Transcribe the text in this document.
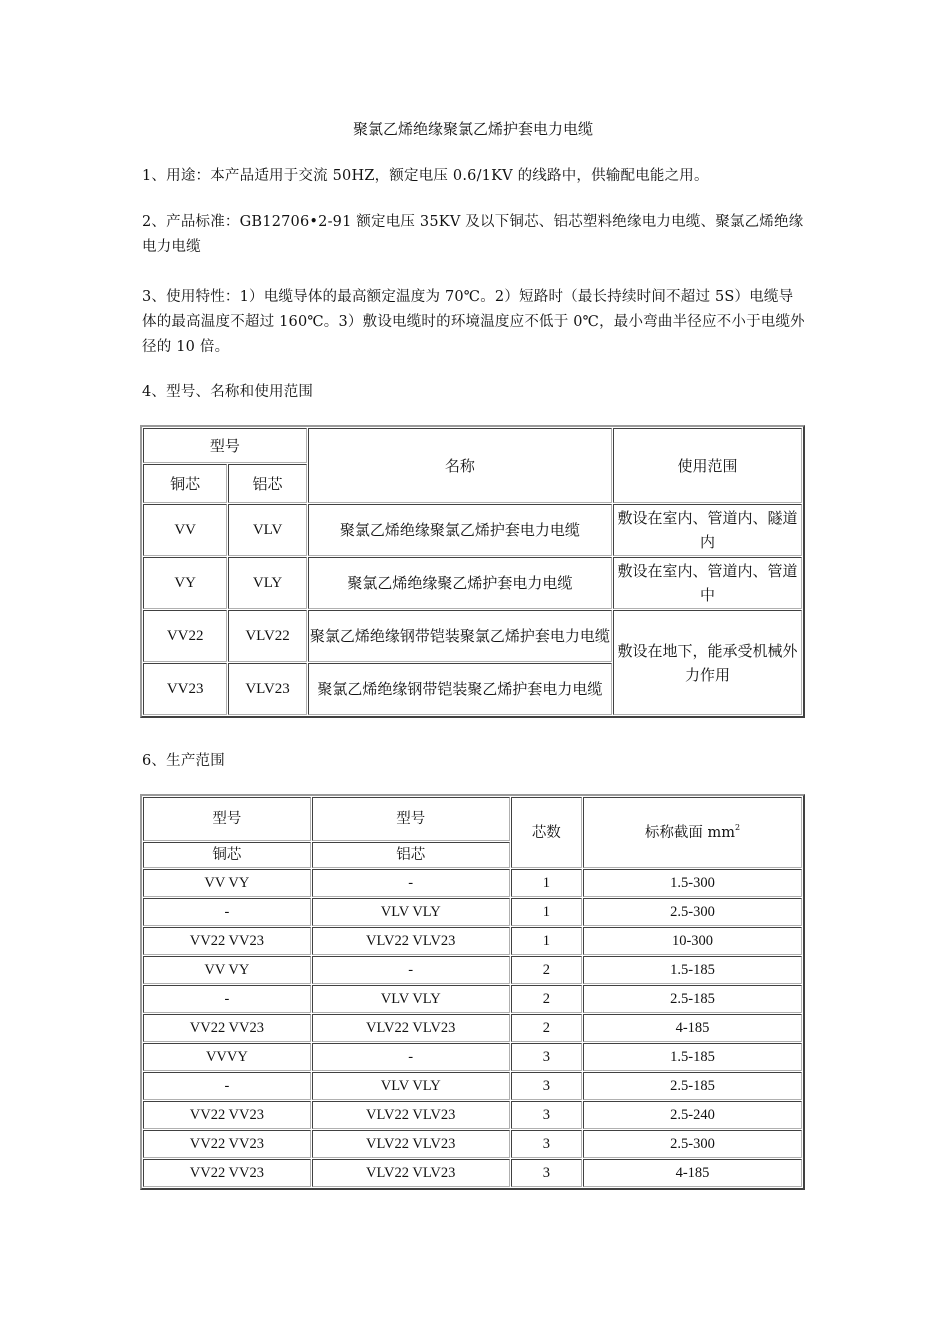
聚氯乙烯绝缘聚氯乙烯护套电力电缆
1、用途：本产品适用于交流 50HZ，额定电压 0.6/1KV 的线路中，供输配电能之用。
2、产品标准：GB12706•2-91 额定电压 35KV 及以下铜芯、铝芯塑料绝缘电力电缆、聚氯乙烯绝缘电力电缆
3、使用特性：1）电缆导体的最高额定温度为 70℃。2）短路时（最长持续时间不超过 5S）电缆导体的最高温度不超过 160℃。3）敷设电缆时的环境温度应不低于 0℃，最小弯曲半径应不小于电缆外径的 10 倍。
4、型号、名称和使用范围
型号		名称	使用范围
铜芯	铝芯		
VV	VLV	聚氯乙烯绝缘聚氯乙烯护套电力电缆	敷设在室内、管道内、隧道内
VY	VLY	聚氯乙烯绝缘聚乙烯护套电力电缆	敷设在室内、管道内、管道中
VV22	VLV22	聚氯乙烯绝缘钢带铠装聚氯乙烯护套电力电缆	敷设在地下，能承受机械外力作用
VV23	VLV23	聚氯乙烯绝缘钢带铠装聚乙烯护套电力电缆	
6、生产范围
型号	型号	芯数	标称截面 $mm^2$
铜芯	铝芯		
VV VY	-	1	1.5-300
-	VLV VLY	1	2.5-300
VV22 VV23	VLV22 VLV23	1	10-300
VV VY	-	2	1.5-185
-	VLV VLY	2	2.5-185
VV22 VV23	VLV22 VLV23	2	4-185
VVVY	-	3	1.5-185
-	VLV VLY	3	2.5-185
VV22 VV23	VLV22 VLV23	3	2.5-240
VV22 VV23	VLV22 VLV23	3	2.5-300
VV22 VV23	VLV22 VLV23	3	4-185
